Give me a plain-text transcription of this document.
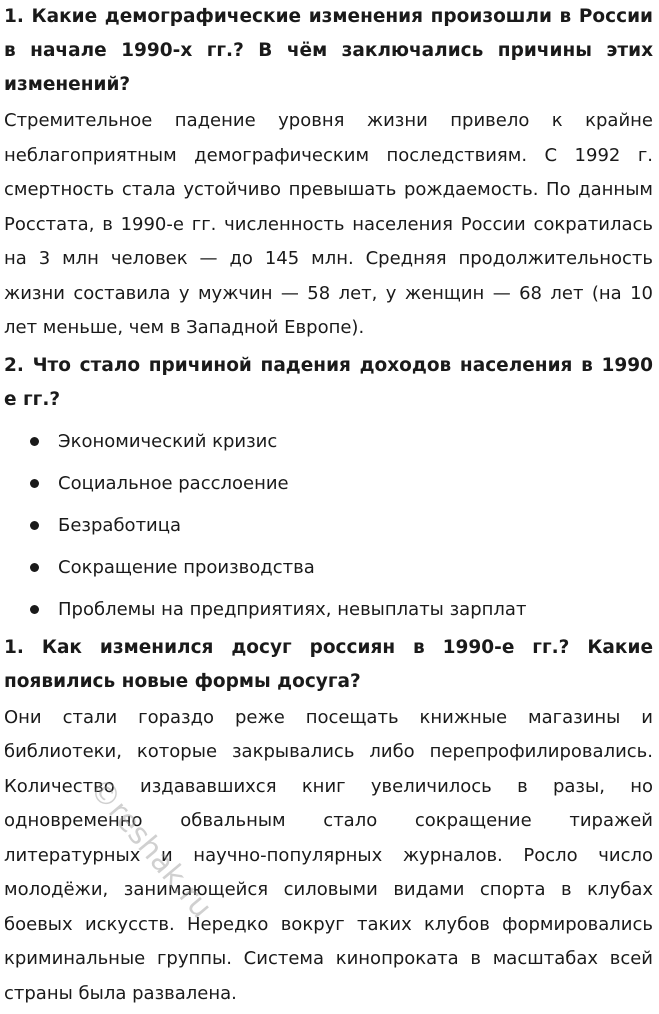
1. Какие демографические изменения произошли в России в начале 1990-х гг.? В чём заключались причины этих изменений?

Стремительное падение уровня жизни привело к крайне неблагоприятным демографическим последствиям. С 1992 г. смертность стала устойчиво превышать рождаемость. По данным Росстата, в 1990-е гг. численность населения России сократилась на 3 млн человек — до 145 млн. Средняя продолжительность жизни составила у мужчин — 58 лет, у женщин — 68 лет (на 10 лет меньше, чем в Западной Европе).

2. Что стало причиной падения доходов населения в 1990 е гг.?
Экономический кризис
Социальное расслоение
Безработица
Сокращение производства
Проблемы на предприятиях, невыплаты зарплат
1. Как изменился досуг россиян в 1990-е гг.? Какие появились новые формы досуга?

Они стали гораздо реже посещать книжные магазины и библиотеки, которые закрывались либо перепрофилировались. Количество издававшихся книг увеличилось в разы, но одновременно обвальным стало сокращение тиражей литературных и научно-популярных журналов. Росло число молодёжи, занимающейся силовыми видами спорта в клубах боевых искусств. Нередко вокруг таких клубов формировались криминальные группы. Система кинопроката в масштабах всей страны была развалена.

©reshak.ru
